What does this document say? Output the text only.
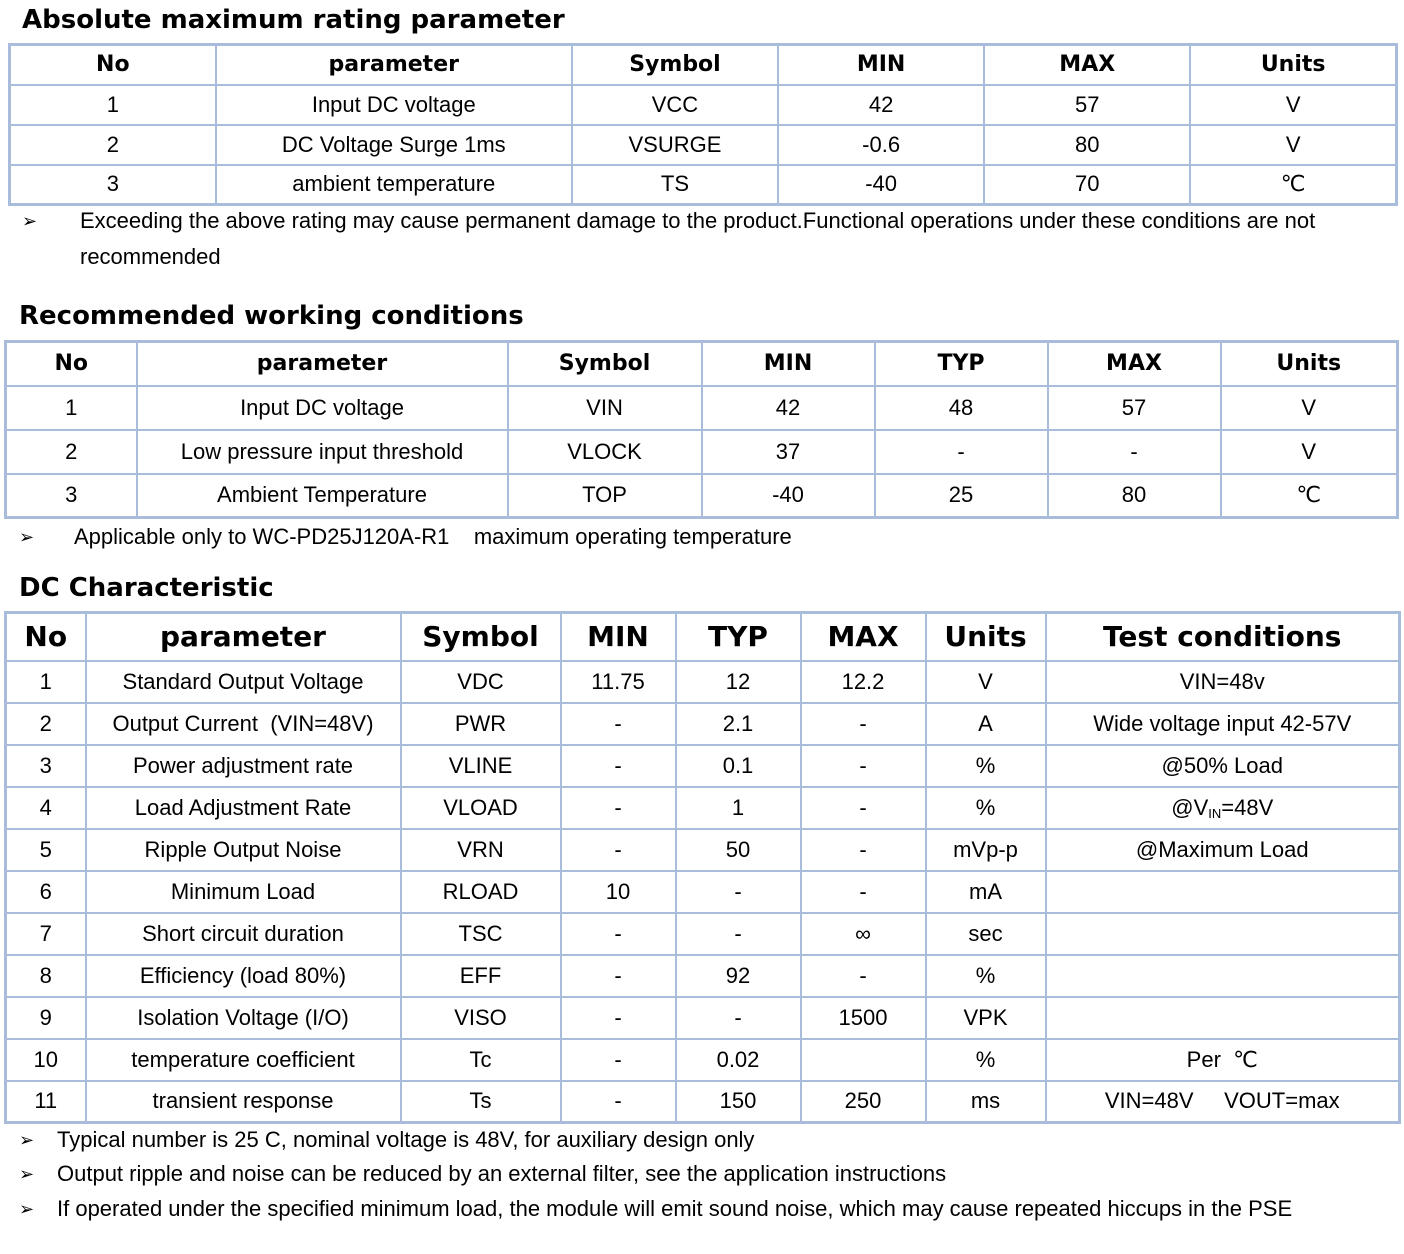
Absolute maximum rating parameter
No	parameter	Symbol	MIN	MAX	Units
1	Input DC voltage	VCC	42	57	V
2	DC Voltage Surge 1ms	VSURGE	-0.6	80	V
3	ambient temperature	TS	-40	70	℃
➢ Exceeding the above rating may cause permanent damage to the product.Functional operations under these conditions are not recommended
Recommended working conditions
No	parameter	Symbol	MIN	TYP	MAX	Units
1	Input DC voltage	VIN	42	48	57	V
2	Low pressure input threshold	VLOCK	37	-	-	V
3	Ambient Temperature	TOP	-40	25	80	℃
➢ Applicable only to WC-PD25J120A-R1    maximum operating temperature
DC Characteristic
No	parameter	Symbol	MIN	TYP	MAX	Units	Test conditions
1	Standard Output Voltage	VDC	11.75	12	12.2	V	VIN=48v
2	Output Current  (VIN=48V)	PWR	-	2.1	-	A	Wide voltage input 42-57V
3	Power adjustment rate	VLINE	-	0.1	-	%	@50% Load
4	Load Adjustment Rate	VLOAD	-	1	-	%	$@V_{IN}=48V$
5	Ripple Output Noise	VRN	-	50	-	mVp-p	@Maximum Load
6	Minimum Load	RLOAD	10	-	-	mA	
7	Short circuit duration	TSC	-	-	∞	sec	
8	Efficiency (load 80%)	EFF	-	92	-	%	
9	Isolation Voltage (I/O)	VISO	-	-	1500	VPK	
10	temperature coefficient	Tc	-	0.02		%	Per  ℃
11	transient response	Ts	-	150	250	ms	VIN=48V     VOUT=max
➢ Typical number is 25 C, nominal voltage is 48V, for auxiliary design only
➢ Output ripple and noise can be reduced by an external filter, see the application instructions
➢ If operated under the specified minimum load, the module will emit sound noise, which may cause repeated hiccups in the PSE
